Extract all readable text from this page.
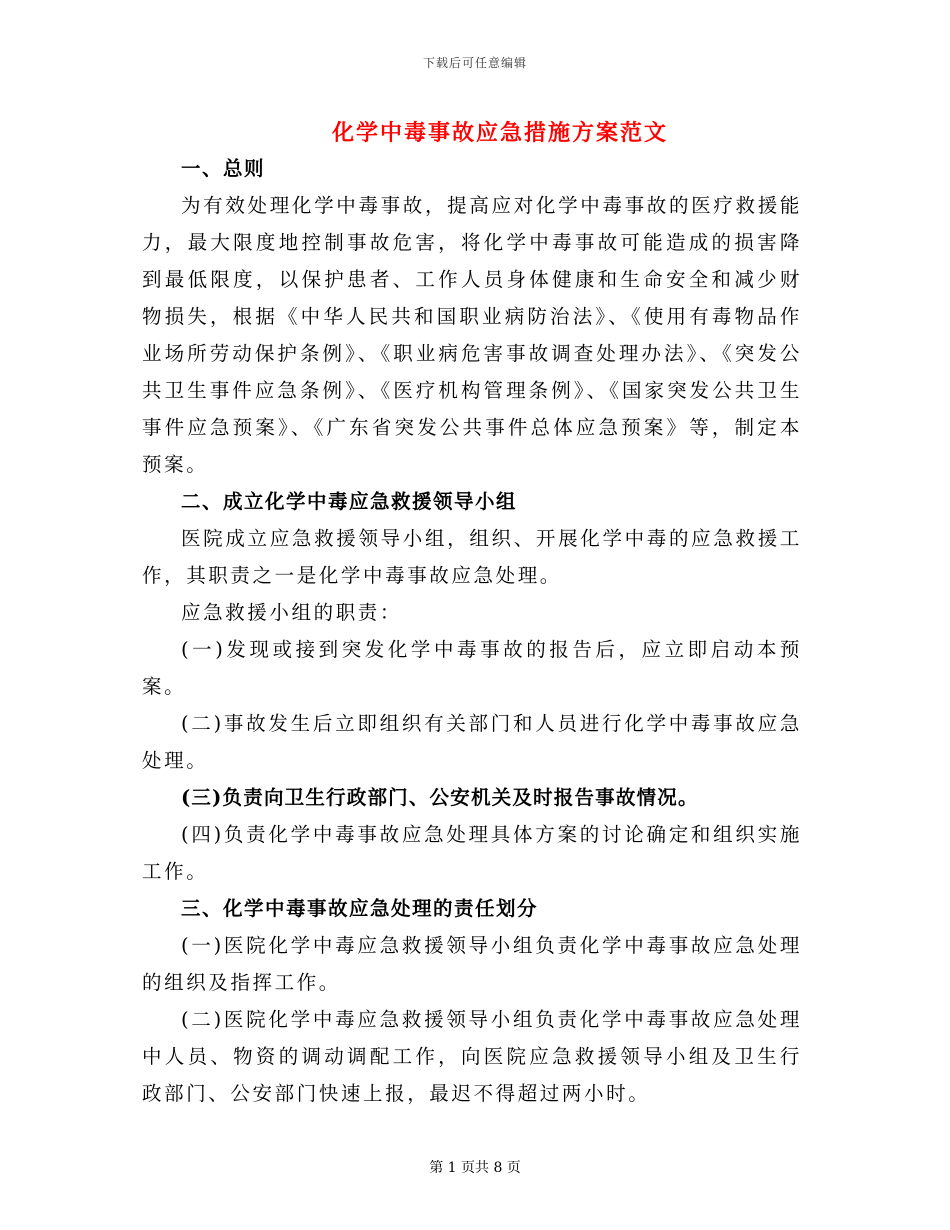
下载后可任意编辑
化学中毒事故应急措施方案范文

一、总则

为有效处理化学中毒事故，提高应对化学中毒事故的医疗救援能力，最大限度地控制事故危害，将化学中毒事故可能造成的损害降到最低限度，以保护患者、工作人员身体健康和生命安全和减少财物损失，根据《中华人民共和国职业病防治法》、《使用有毒物品作业场所劳动保护条例》、《职业病危害事故调查处理办法》、《突发公共卫生事件应急条例》、《医疗机构管理条例》、《国家突发公共卫生事件应急预案》、《广东省突发公共事件总体应急预案》等，制定本预案。

二、成立化学中毒应急救援领导小组

医院成立应急救援领导小组，组织、开展化学中毒的应急救援工作，其职责之一是化学中毒事故应急处理。

应急救援小组的职责：

(一)发现或接到突发化学中毒事故的报告后，应立即启动本预案。

(二)事故发生后立即组织有关部门和人员进行化学中毒事故应急处理。

(三)负责向卫生行政部门、公安机关及时报告事故情况。

(四)负责化学中毒事故应急处理具体方案的讨论确定和组织实施工作。

三、化学中毒事故应急处理的责任划分

(一)医院化学中毒应急救援领导小组负责化学中毒事故应急处理的组织及指挥工作。

(二)医院化学中毒应急救援领导小组负责化学中毒事故应急处理中人员、物资的调动调配工作，向医院应急救援领导小组及卫生行政部门、公安部门快速上报，最迟不得超过两小时。

第 1 页共 8 页
